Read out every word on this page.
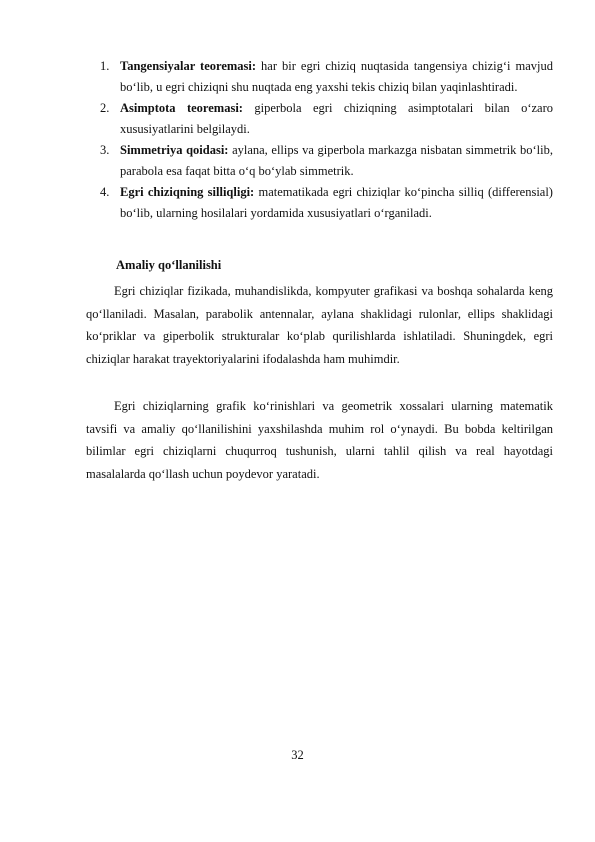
1. Tangensiyalar teoremasi: har bir egri chiziq nuqtasida tangensiya chizig‘i mavjud bo‘lib, u egri chiziqni shu nuqtada eng yaxshi tekis chiziq bilan yaqinlashtiradi.
2. Asimptota teoremasi: giperbola egri chiziqning asimptotalari bilan o‘zaro xususiyatlarini belgilaydi.
3. Simmetriya qoidasi: aylana, ellips va giperbola markazga nisbatan simmetrik bo‘lib, parabola esa faqat bitta o‘q bo‘ylab simmetrik.
4. Egri chiziqning silliqligi: matematikada egri chiziqlar ko‘pincha silliq (differensial) bo‘lib, ularning hosilalari yordamida xususiyatlari o‘rganiladi.
Amaliy qo‘llanilishi

Egri chiziqlar fizikada, muhandislikda, kompyuter grafikasi va boshqa sohalarda keng qo‘llaniladi. Masalan, parabolik antennalar, aylana shaklidagi rulonlar, ellips shaklidagi ko‘priklar va giperbolik strukturalar ko‘plab qurilishlarda ishlatiladi. Shuningdek, egri chiziqlar harakat trayektoriyalarini ifodalashda ham muhimdir.

Egri chiziqlarning grafik ko‘rinishlari va geometrik xossalari ularning matematik tavsifi va amaliy qo‘llanilishini yaxshilashda muhim rol o‘ynaydi. Bu bobda keltirilgan bilimlar egri chiziqlarni chuqurroq tushunish, ularni tahlil qilish va real hayotdagi masalalarda qo‘llash uchun poydevor yaratadi.

32
